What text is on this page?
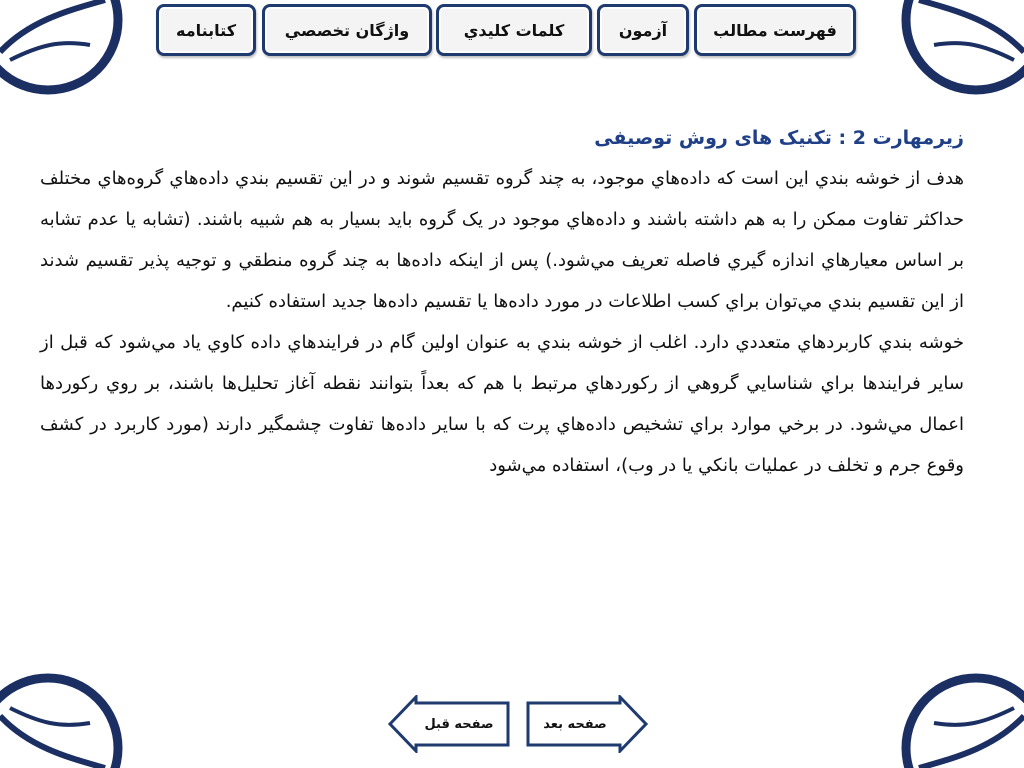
كتابنامه	واژگان تخصصي	كلمات كليدي	آزمون	فهرست مطالب

زیرمهارت 2 : تکنیک های روش توصیفی

هدف از خوشه بندي اين است كه داده‌هاي موجود، به چند گروه تقسيم شوند و در اين تقسيم بندي داده‌هاي گروه‌هاي مختلف حداكثر تفاوت ممكن را به هم داشته باشند و داده‌هاي موجود در يک گروه بايد بسيار به هم شبيه باشند. (تشابه يا عدم تشابه بر اساس معيارهاي اندازه گيري فاصله تعريف مي‌شود.) پس از اينكه داده‌ها به چند گروه منطقي و توجيه پذير تقسيم شدند از اين تقسيم بندي مي‌توان براي كسب اطلاعات در مورد داده‌ها يا تقسيم داده‌ها جديد استفاده كنيم.

خوشه بندي كاربردهاي متعددي دارد. اغلب از خوشه بندي به عنوان اولين گام در فرايندهاي داده كاوي ياد مي‌شود كه قبل از ساير فرايندها براي شناسايي گروهي از ركوردهاي مرتبط با هم كه بعداً بتوانند نقطه آغاز تحليل‌ها باشند، بر روي ركوردها اعمال مي‌شود. در برخي موارد براي تشخيص داده‌هاي پرت كه با ساير داده‌ها تفاوت چشمگير دارند (مورد كاربرد در كشف وقوع جرم و تخلف در عمليات بانكي يا در وب)، استفاده مي‌شود

صفحه قبل	صفحه بعد
